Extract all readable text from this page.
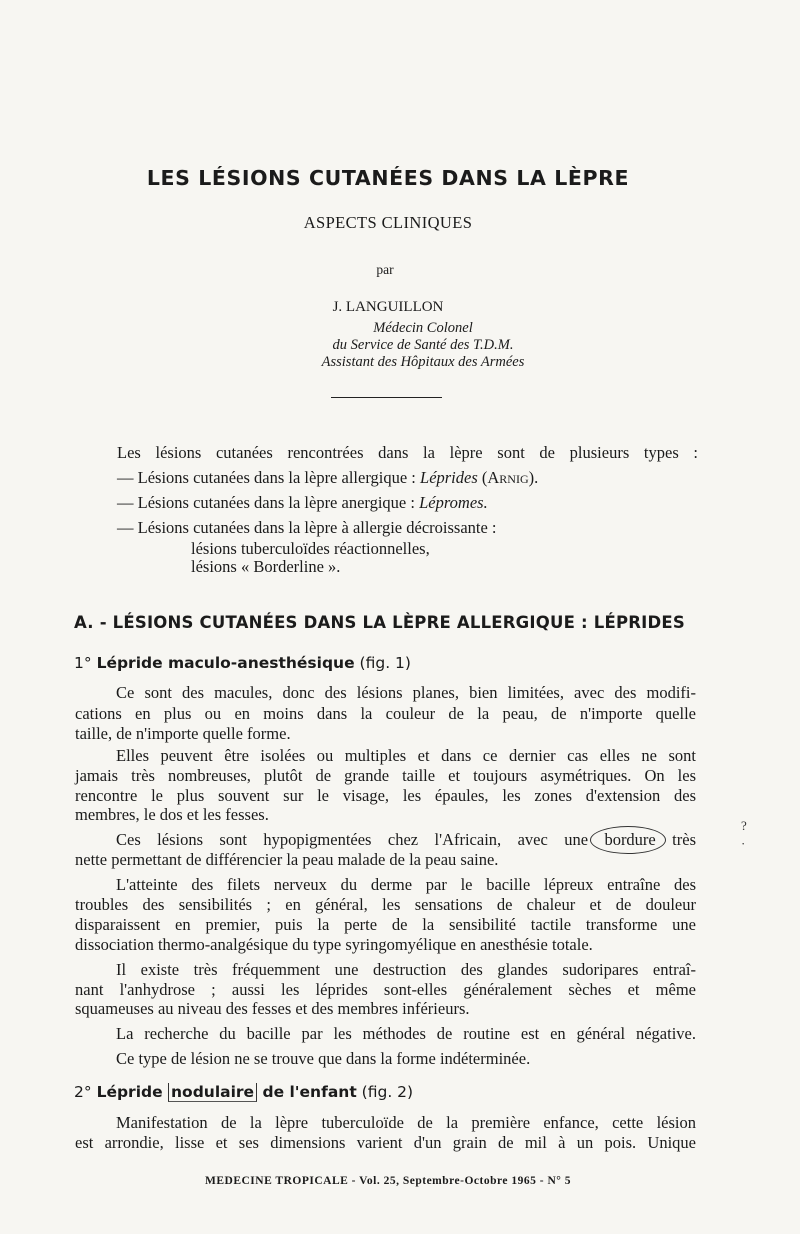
LES LÉSIONS CUTANÉES DANS LA LÈPRE
ASPECTS CLINIQUES
par
J. LANGUILLON
Médecin Colonel
du Service de Santé des T.D.M.
Assistant des Hôpitaux des Armées
Les lésions cutanées rencontrées dans la lèpre sont de plusieurs types :
— Lésions cutanées dans la lèpre allergique : Léprides (Arnig).
— Lésions cutanées dans la lèpre anergique : Lépromes.
— Lésions cutanées dans la lèpre à allergie décroissante :
lésions tuberculoïdes réactionnelles,
lésions « Borderline ».
A. - LÉSIONS CUTANÉES DANS LA LÈPRE ALLERGIQUE : LÉPRIDES
1° Lépride maculo-anesthésique (fig. 1)
Ce sont des macules, donc des lésions planes, bien limitées, avec des modifi-
cations en plus ou en moins dans la couleur de la peau, de n'importe quelle
taille, de n'importe quelle forme.
Elles peuvent être isolées ou multiples et dans ce dernier cas elles ne sont
jamais très nombreuses, plutôt de grande taille et toujours asymétriques. On les
rencontre le plus souvent sur le visage, les épaules, les zones d'extension des
membres, le dos et les fesses.
Ces lésions sont hypopigmentées chez l'Africain, avec une bordure très
nette permettant de différencier la peau malade de la peau saine.
L'atteinte des filets nerveux du derme par le bacille lépreux entraîne des
troubles des sensibilités ; en général, les sensations de chaleur et de douleur
disparaissent en premier, puis la perte de la sensibilité tactile transforme une
dissociation thermo-analgésique du type syringomyélique en anesthésie totale.
Il existe très fréquemment une destruction des glandes sudoripares entraî-
nant l'anhydrose ; aussi les léprides sont-elles généralement sèches et même
squameuses au niveau des fesses et des membres inférieurs.
La recherche du bacille par les méthodes de routine est en général négative.
Ce type de lésion ne se trouve que dans la forme indéterminée.
2° Lépride nodulaire de l'enfant (fig. 2)
Manifestation de la lèpre tuberculoïde de la première enfance, cette lésion
est arrondie, lisse et ses dimensions varient d'un grain de mil à un pois. Unique
MEDECINE TROPICALE - Vol. 25, Septembre-Octobre 1965 - N° 5
?
·
